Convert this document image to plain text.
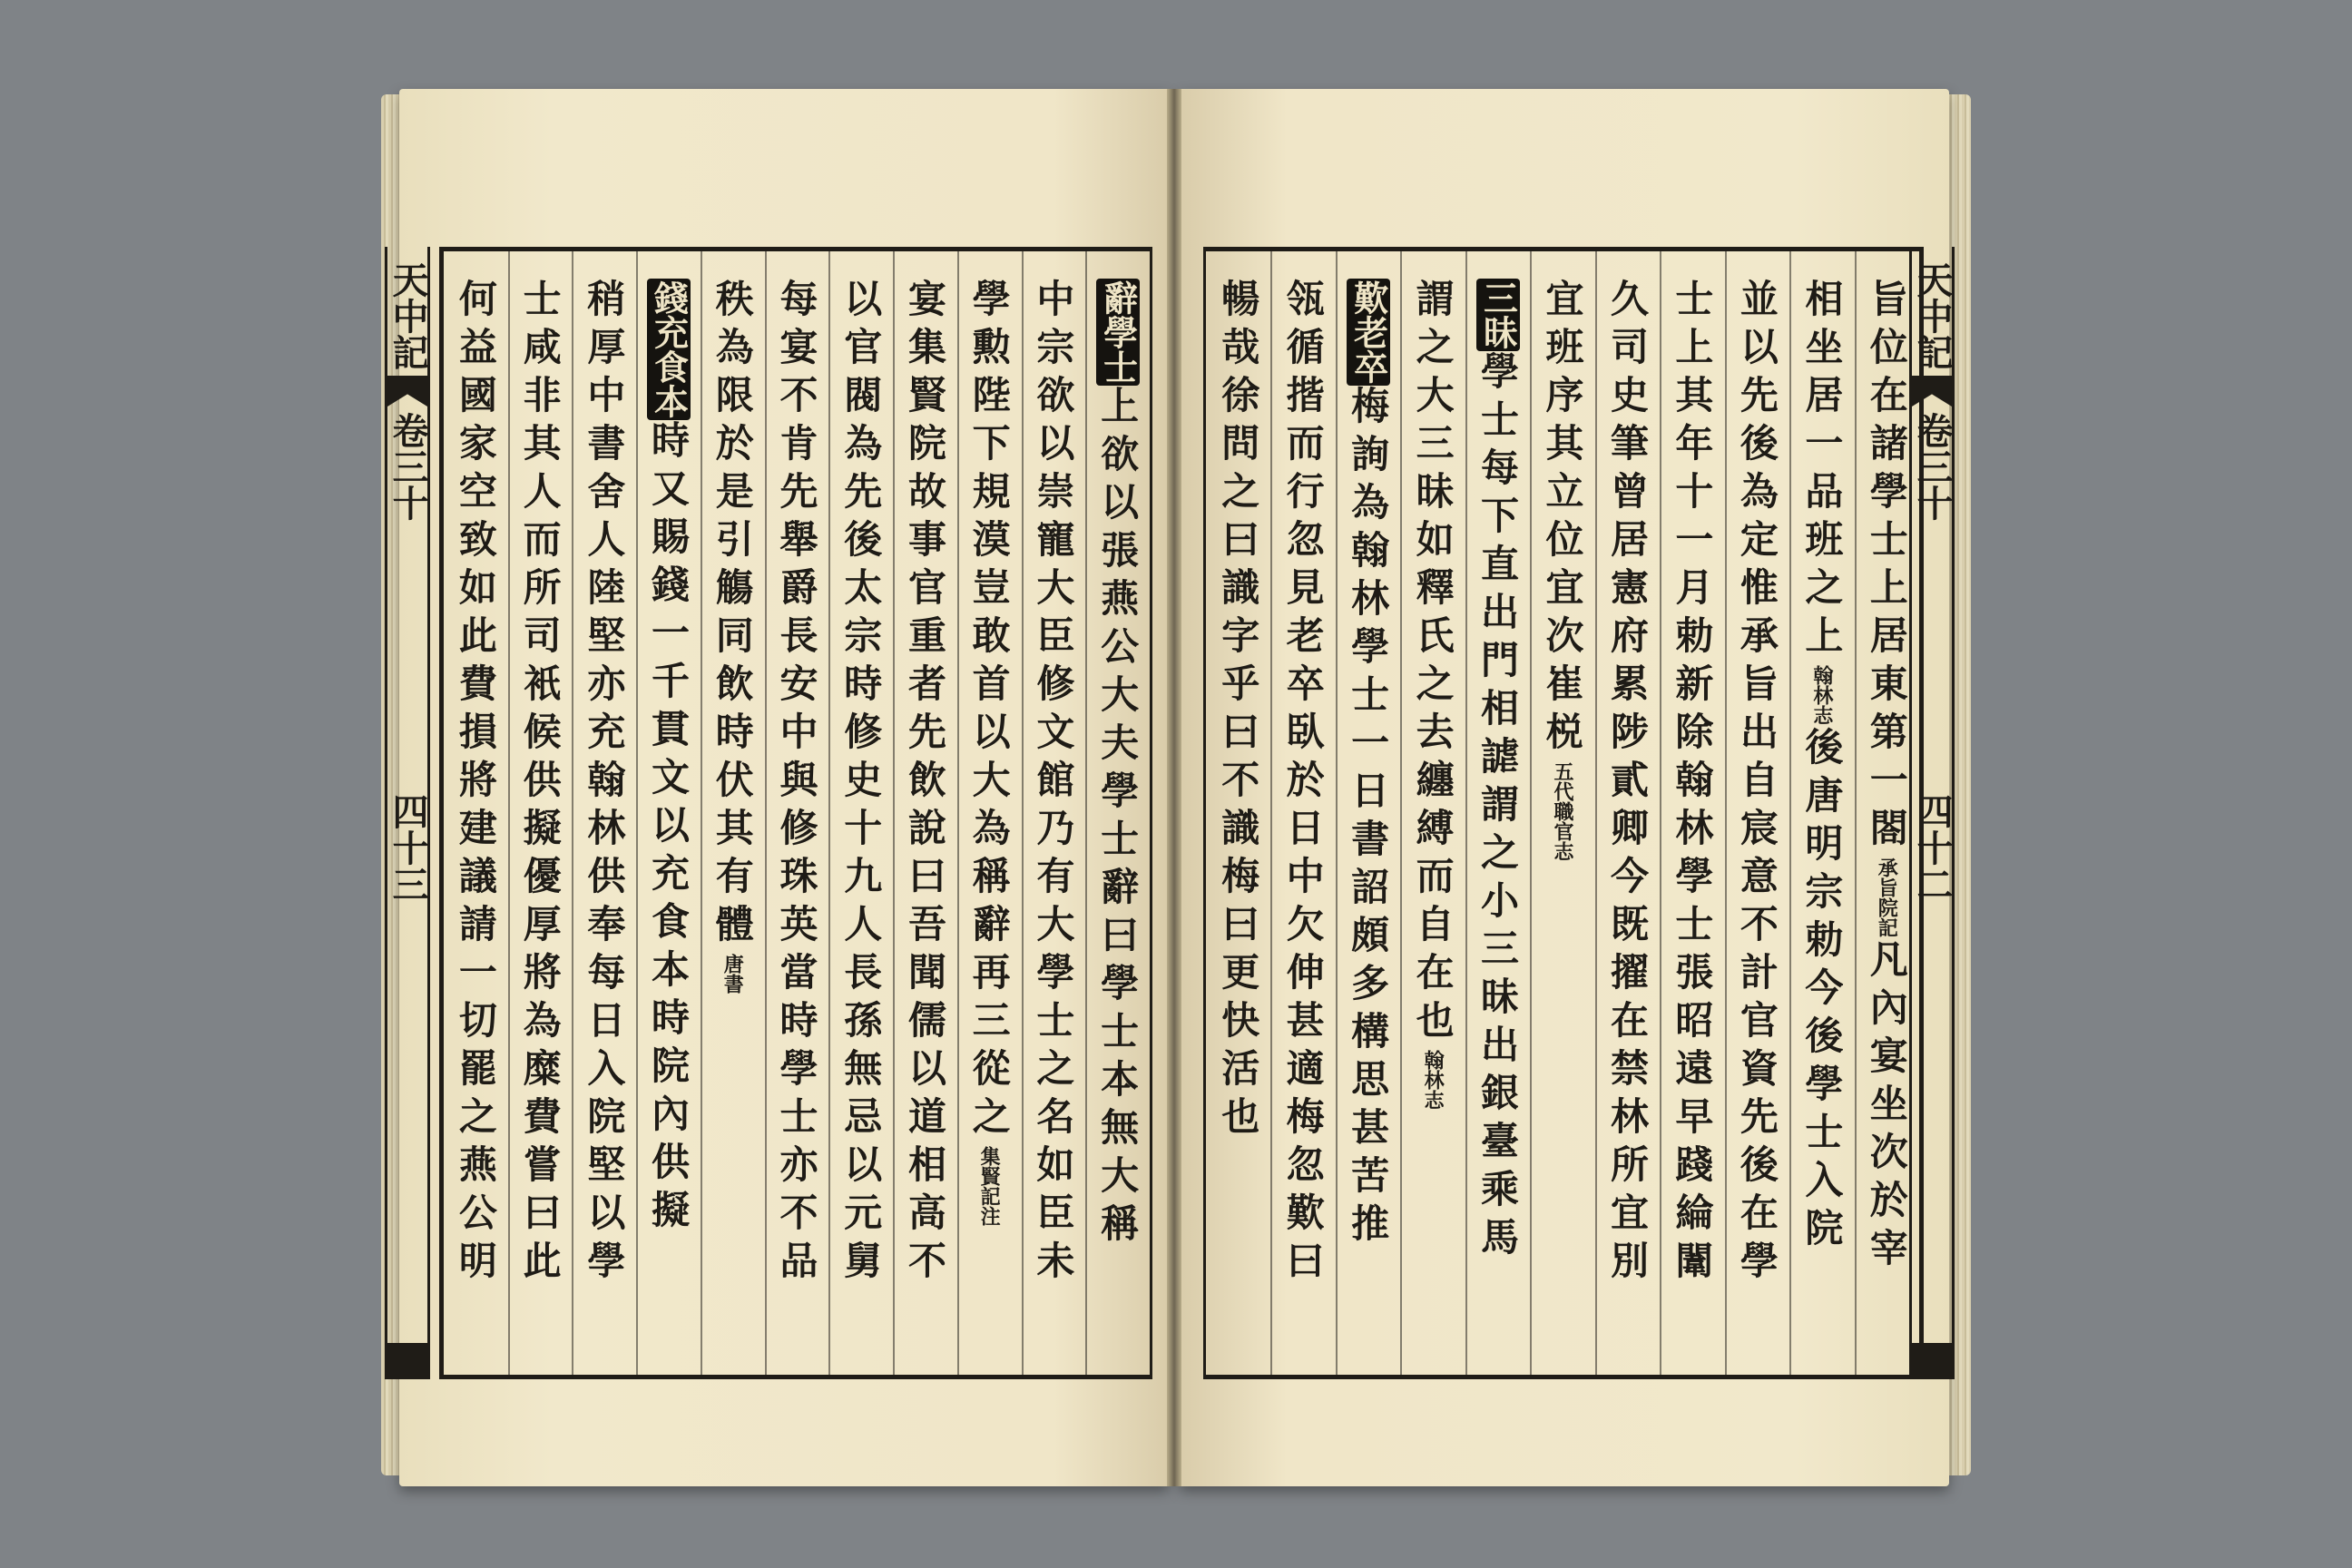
天中記
卷三十
四十三
天中記
卷三十
四十二
辭學士
上欲以張燕公大夫學士辭曰學士本無大稱
中宗欲以崇寵大臣修文館乃有大學士之名如臣未
學勲陛下規漠豈敢首以大為稱辭再三從之
集賢記注
宴集賢院故事官重者先飲說曰吾聞儒以道相高不
以官閥為先後太宗時修史十九人長孫無忌以元舅
每宴不肯先舉爵長安中與修珠英當時學士亦不品
秩為限於是引觴同飲時伏其有體
唐書
錢充食本
時又賜錢一千貫文以充食本時院內供擬
稍厚中書舍人陸堅亦充翰林供奉每日入院堅以學
士咸非其人而所司衹候供擬優厚將為糜費嘗曰此
何益國家空致如此費損將建議請一切罷之燕公明	旨位在諸學士上居東第一閤
承旨院記
凡內宴坐次於宰
相坐居一品班之上
翰林志
後唐明宗勅今後學士入院
並以先後為定惟承旨出自宸意不計官資先後在學
士上其年十一月勅新除翰林學士張昭遠早踐綸闈
久司史筆曾居憲府累陟貳卿今既擢在禁林所宜別
宜班序其立位宜次崔棁
五代職官志
三昧
學士每下直出門相謔謂之小三昧出銀臺乘馬
謂之大三昧如釋氏之去纏縛而自在也
翰林志
歎老卒
梅詢為翰林學士一日書詔頗多構思甚苦推
瓴循揩而行忽見老卒臥於日中欠伸甚適梅忽歎曰
暢哉徐問之曰識字乎曰不識梅曰更快活也
